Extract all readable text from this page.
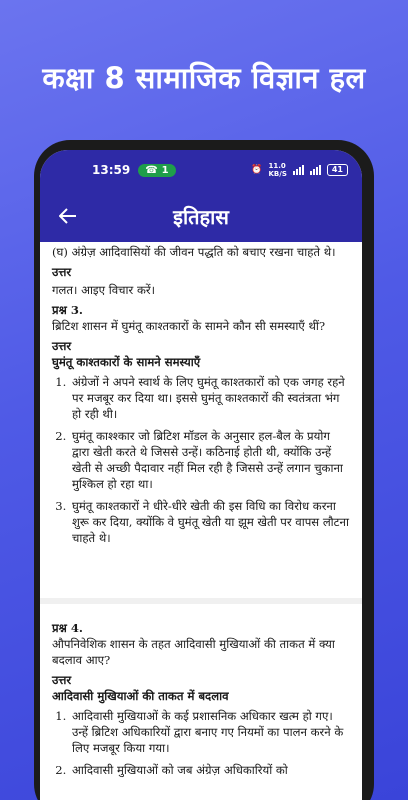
कक्षा 8 सामाजिक विज्ञान हल
13:59 ☎ 1	⏰ 11.0
KB/S	41
इतिहास
(घ) अंग्रेज़ आदिवासियों की जीवन पद्धति को बचाए रखना चाहते थे।
उत्तर
गलत। आइए विचार करें।
प्रश्न 3.
ब्रिटिश शासन में घुमंतू काश्तकारों के सामने कौन सी समस्याएँ थीं?
उत्तर
घुमंतू काश्तकारों के सामने समस्याएँ
1. अंग्रेजों ने अपने स्वार्थ के लिए घुमंतू काश्तकारों को एक जगह रहने पर मजबूर कर दिया था। इससे घुमंतू काश्तकारों की स्वतंत्रता भंग हो रही थी।
2. घुमंतू काश्श्कार जो ब्रिटिश मॉडल के अनुसार हल-बैल के प्रयोग द्वारा खेती करते थे जिससे उन्हें। कठिनाई होती थी, क्योंकि उन्हें खेती से अच्छी पैदावार नहीं मिल रही है जिससे उन्हें लगान चुकाना मुश्किल हो रहा था।
3. घुमंतू काश्तकारों ने धीरे-धीरे खेती की इस विधि का विरोध करना शुरू कर दिया, क्योंकि वे घुमंतू खेती या झूम खेती पर वापस लौटना चाहते थे।
प्रश्न 4.
औपनिवेशिक शासन के तहत आदिवासी मुखियाओं की ताकत में क्या बदलाव आए?
उत्तर
आदिवासी मुखियाओं की ताकत में बदलाव
1. आदिवासी मुखियाओं के कई प्रशासनिक अधिकार खत्म हो गए। उन्हें ब्रिटिश अधिकारियों द्वारा बनाए गए नियमों का पालन करने के लिए मजबूर किया गया।
2. आदिवासी मुखियाओं को जब अंग्रेज़ अधिकारियों को
